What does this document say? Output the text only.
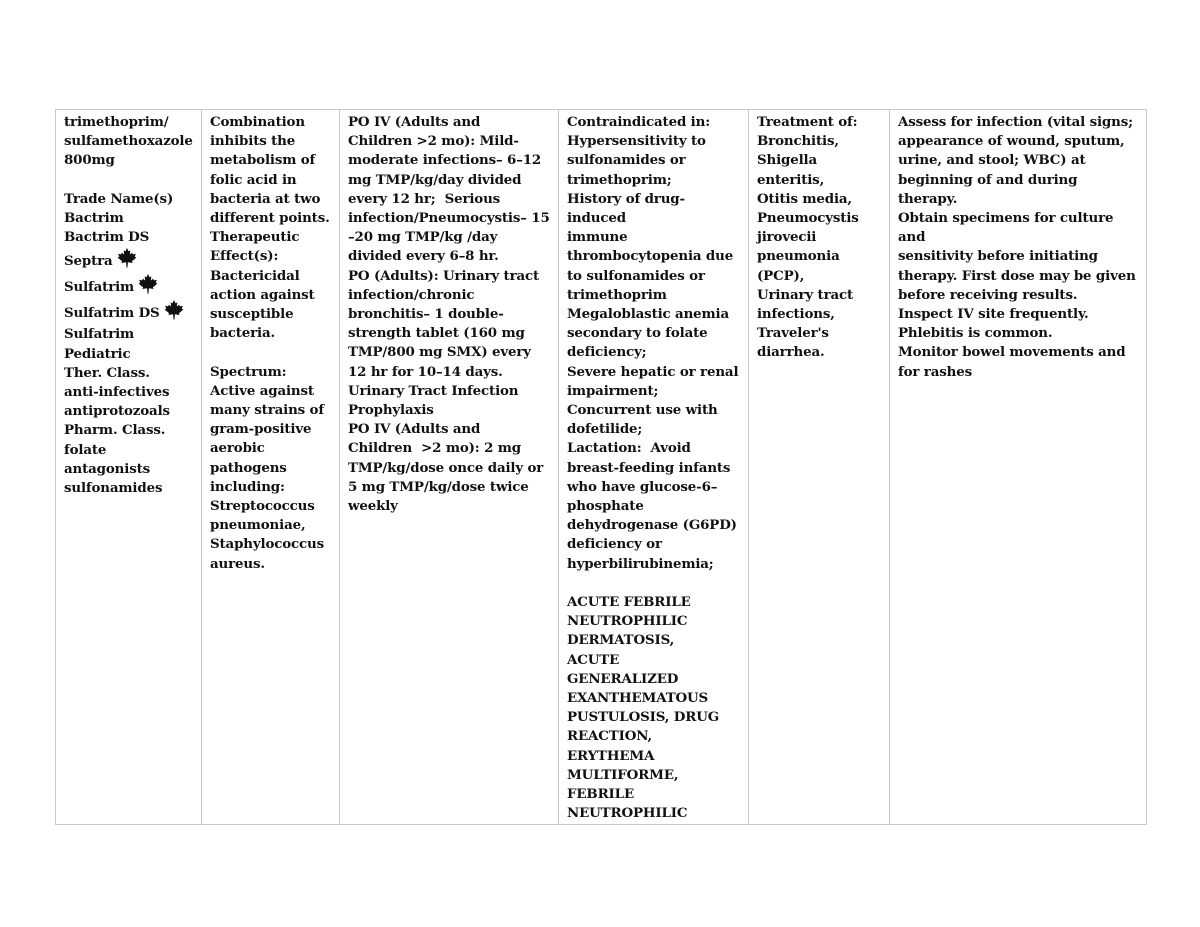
trimethoprim/
sulfamethoxazole
800mg
Trade Name(s)
Bactrim
Bactrim DS
Septra
Sulfatrim
Sulfatrim DS
Sulfatrim
Pediatric
Ther. Class.
anti-infectives
antiprotozoals
Pharm. Class.
folate antagonists
sulfonamides

Combination
inhibits the
metabolism of
folic acid in
bacteria at two
different points.
Therapeutic
Effect(s):
Bactericidal
action against
susceptible
bacteria.
Spectrum:
Active against
many strains of
gram-positive
aerobic
pathogens
including:
Streptococcus
pneumoniae,
Staphylococcus
aureus.

PO IV (Adults and
Children >2 mo): Mild-
moderate infections– 6–12
mg TMP/kg/day divided
every 12 hr;  Serious
infection/Pneumocystis– 15
–20 mg TMP/kg /day
divided every 6–8 hr.
PO (Adults): Urinary tract
infection/chronic
bronchitis– 1 double-
strength tablet (160 mg
TMP/800 mg SMX) every
12 hr for 10–14 days.
Urinary Tract Infection
Prophylaxis
PO IV (Adults and
Children  >2 mo): 2 mg
TMP/kg/dose once daily or
5 mg TMP/kg/dose twice
weekly

Contraindicated in:
Hypersensitivity to
sulfonamides or
trimethoprim;
History of drug-induced
immune
thrombocytopenia due
to sulfonamides or
trimethoprim
Megaloblastic anemia
secondary to folate
deficiency;
Severe hepatic or renal
impairment;
Concurrent use with
dofetilide;
Lactation:  Avoid
breast-feeding infants
who have glucose-6–
phosphate
dehydrogenase (G6PD)
deficiency or
hyperbilirubinemia;
ACUTE FEBRILE
NEUTROPHILIC
DERMATOSIS,
ACUTE
GENERALIZED
EXANTHEMATOUS
PUSTULOSIS, DRUG
REACTION,
ERYTHEMA
MULTIFORME,
FEBRILE
NEUTROPHILIC

Treatment of:
Bronchitis,
Shigella enteritis,
Otitis media,
Pneumocystis
jirovecii
pneumonia
(PCP),
Urinary tract
infections,
Traveler's
diarrhea.

Assess for infection (vital signs;
appearance of wound, sputum,
urine, and stool; WBC) at
beginning of and during therapy.
Obtain specimens for culture and
sensitivity before initiating
therapy. First dose may be given
before receiving results.
Inspect IV site frequently.
Phlebitis is common.
Monitor bowel movements and
for rashes
